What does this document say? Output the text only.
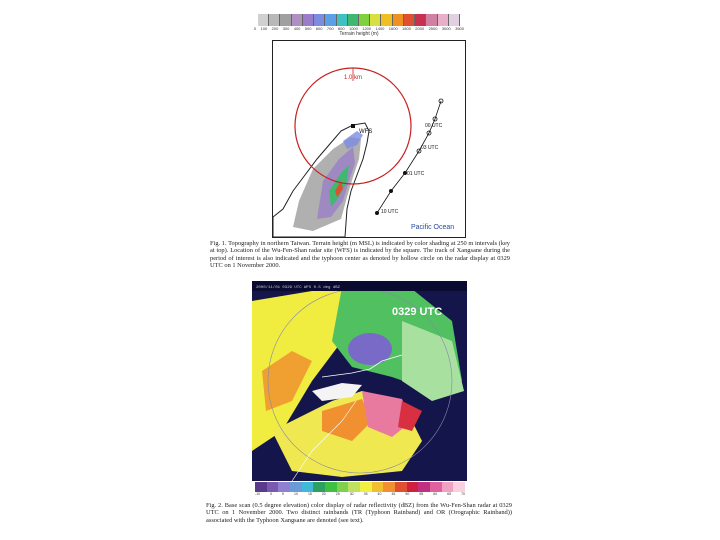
0 100 200 300 400 500 600 700 800 1000 1200 1400 1600 1800 2000 2500 3000 3500
Terrain height (m)
1.0 km
WFS
00 UTC
03 UTC
01 UTC
10 UTC
Pacific Ocean

Fig. 1. Topography in northern Taiwan. Terrain height (m MSL) is indicated by color shading at 250 m intervals (key at top). Location of the Wu-Fen-Shan radar site (WFS) is indicated by the square. The track of Xangsane during the period of interest is also indicated and the typhoon center as denoted by hollow circle on the radar display at 0329 UTC on 1 November 2000.

2000/11/01 0329 UTC WFS 0.5 deg dBZ
0329 UTC
-10	0	5	10	15	20	25	30	35	40	45	50	55	60	65	70

Fig. 2. Base scan (0.5 degree elevation) color display of radar reflectivity (dBZ) from the Wu-Fen-Shan radar at 0329 UTC on 1 November 2000. Two distinct rainbands (TR (Typhoon Rainband) and OR (Orographic Rainband)) associated with the Typhoon Xangsane are denoted (see text).
